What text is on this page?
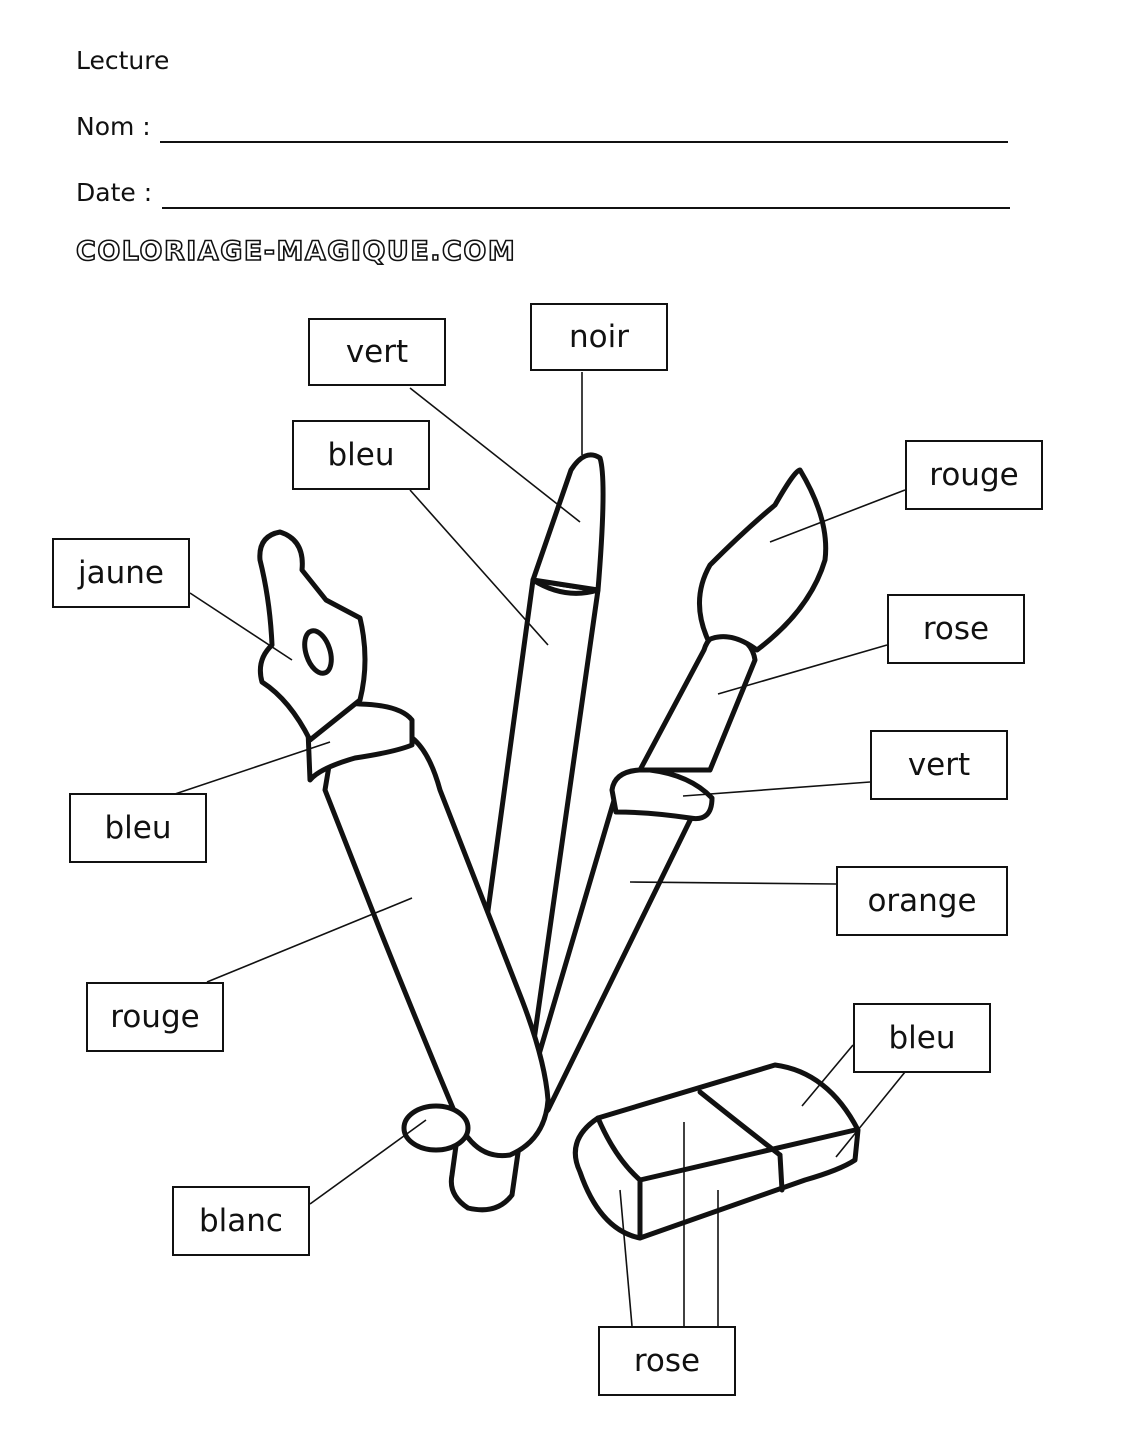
Lecture
Nom :
Date :
COLORIAGE-MAGIQUE.COM
vert	noir
bleu
rouge
jaune
rose
vert
bleu
orange
rouge
bleu
blanc
rose
